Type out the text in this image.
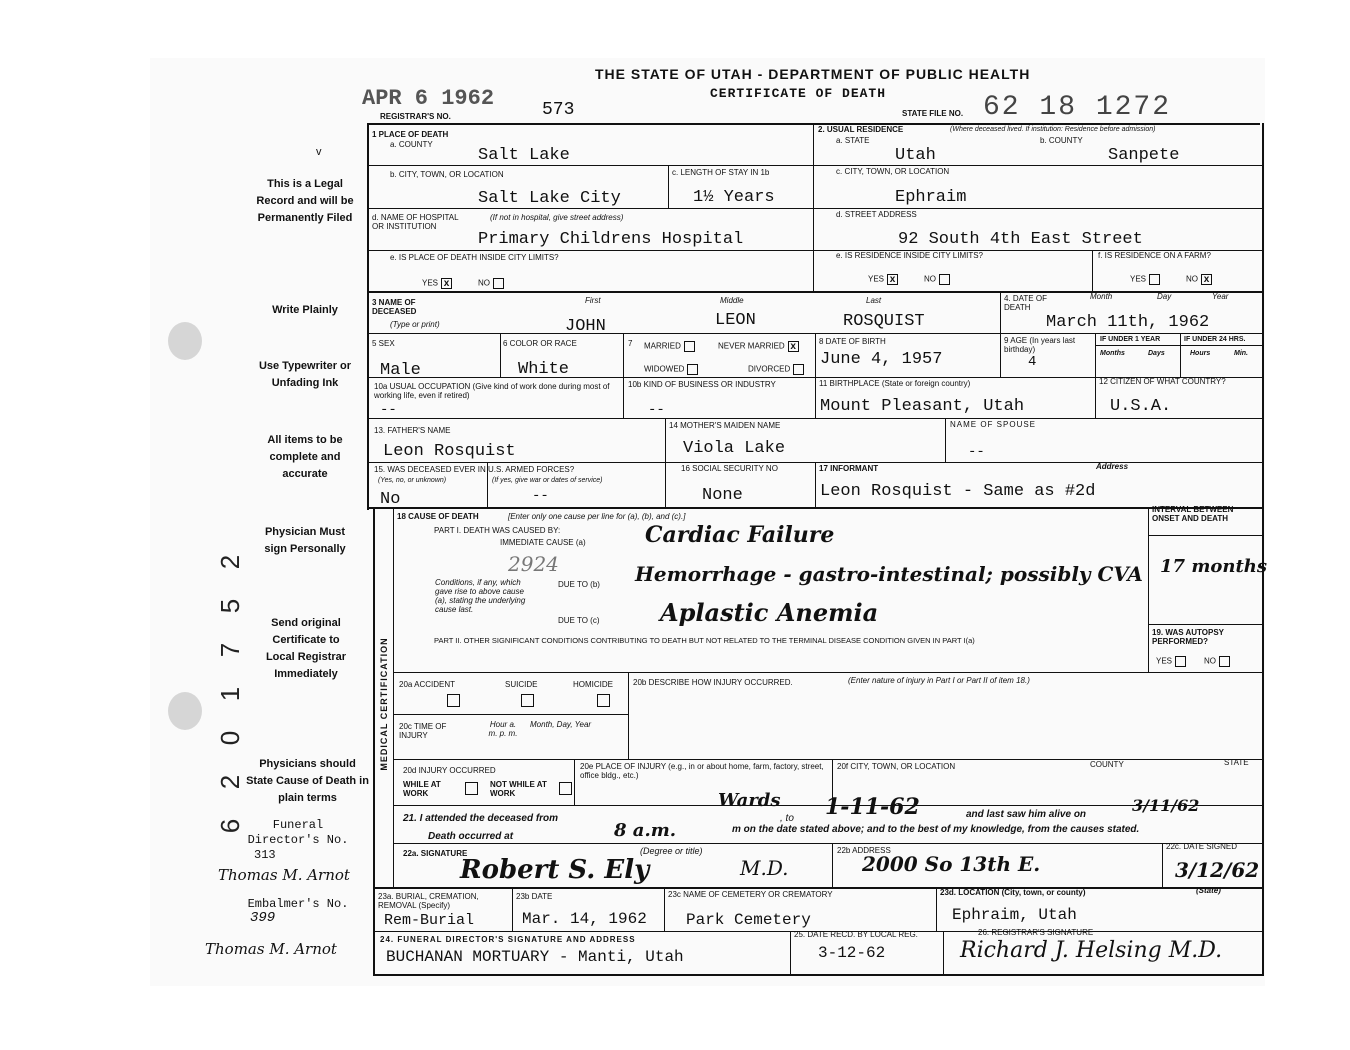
THE STATE OF UTAH - DEPARTMENT OF PUBLIC HEALTH
CERTIFICATE OF DEATH
APR 6 1962
REGISTRAR'S NO.	573	STATE FILE NO. 62 18 1272
v
This is a Legal Record and will be Permanently Filed
Write Plainly
Use Typewriter or Unfading Ink
All items to be complete and accurate
Physician Must sign Personally
Send original Certificate to Local Registrar Immediately
Physicians should State Cause of Death in plain terms
2
5
7
1
0
2
6	Funeral Director's No.
313
Thomas M. Arnot
Embalmer's No.
399
Thomas M. Arnot
1 PLACE OF DEATH
a. COUNTY
Salt Lake
b. CITY, TOWN, OR LOCATION
Salt Lake City
c. LENGTH OF STAY IN 1b
1½ Years
d. NAME OF HOSPITAL OR INSTITUTION
(If not in hospital, give street address)
Primary Childrens Hospital
e. IS PLACE OF DEATH INSIDE CITY LIMITS?
YES x	NO
2. USUAL RESIDENCE	(Where deceased lived. If institution: Residence before admission)
a. STATE	b. COUNTY
Utah	Sanpete
c. CITY, TOWN, OR LOCATION
Ephraim
d. STREET ADDRESS
92 South 4th East Street
e. IS RESIDENCE INSIDE CITY LIMITS?
YES x	NO
f. IS RESIDENCE ON A FARM?
YES	NO x
3 NAME OF DECEASED
(Type or print)
First	Middle	Last
JOHN	LEON	ROSQUIST
4. DATE OF DEATH
Month	Day	Year
March 11th, 1962
5 SEX
Male
6 COLOR OR RACE
White
7 MARRIED	NEVER MARRIED x
WIDOWED	DIVORCED
8 DATE OF BIRTH
June 4, 1957
9 AGE (In years last birthday)
4
IF UNDER 1 YEAR	IF UNDER 24 HRS.
Months	Days	Hours	Min.
10a USUAL OCCUPATION (Give kind of work done during most of working life, even if retired)
--
10b KIND OF BUSINESS OR INDUSTRY
--
11 BIRTHPLACE (State or foreign country)
Mount Pleasant, Utah
12 CITIZEN OF WHAT COUNTRY?
U.S.A.
13. FATHER'S NAME
Leon Rosquist
14 MOTHER'S MAIDEN NAME
Viola Lake
NAME OF SPOUSE
--
15. WAS DECEASED EVER IN U.S. ARMED FORCES?
(Yes, no, or unknown)	(If yes, give war or dates of service)
No	--
16 SOCIAL SECURITY NO
None
17 INFORMANT	Address
Leon Rosquist - Same as #2d
MEDICAL CERTIFICATION
18 CAUSE OF DEATH	[Enter only one cause per line for (a), (b), and (c).]
PART I. DEATH WAS CAUSED BY:
IMMEDIATE CAUSE (a)	Cardiac Failure
2924
Conditions, if any, which gave rise to above cause (a), stating the underlying cause last.
DUE TO (b) Hemorrhage - gastro-intestinal; possibly CVA
DUE TO (c)	Aplastic Anemia
INTERVAL BETWEEN ONSET AND DEATH
17 months
PART II. OTHER SIGNIFICANT CONDITIONS CONTRIBUTING TO DEATH BUT NOT RELATED TO THE TERMINAL DISEASE CONDITION GIVEN IN PART I(a)
19. WAS AUTOPSY PERFORMED?
YES	NO
20a ACCIDENT	SUICIDE	HOMICIDE	20b DESCRIBE HOW INJURY OCCURRED.	(Enter nature of injury in Part I or Part II of item 18.)
20c TIME OF INJURY
Hour a. m. p. m.
Month, Day, Year
20d INJURY OCCURRED
WHILE AT WORK
NOT WHILE AT WORK
20e PLACE OF INJURY (e.g., in or about home, farm, factory, street, office bldg., etc.)
20f CITY, TOWN, OR LOCATION	COUNTY	STATE
21. I attended the deceased from
Wards
, to 1-11-62	and last saw him alive on	3/11/62
Death occurred at	8 a.m.	m on the date stated above; and to the best of my knowledge, from the causes stated.
22a. SIGNATURE	(Degree or title)
Robert S. Ely	M.D.
22b ADDRESS
2000 So 13th E.
22c. DATE SIGNED
3/12/62
23a. BURIAL, CREMATION, REMOVAL (Specify)
Rem-Burial
23b DATE
Mar. 14, 1962
23c NAME OF CEMETERY OR CREMATORY
Park Cemetery
23d. LOCATION (City, town, or county)	(State)
Ephraim, Utah
24. FUNERAL DIRECTOR'S SIGNATURE AND ADDRESS
BUCHANAN MORTUARY - Manti, Utah
25. DATE RECD. BY LOCAL REG.
3-12-62
26. REGISTRAR'S SIGNATURE
Richard J. Helsing M.D.
